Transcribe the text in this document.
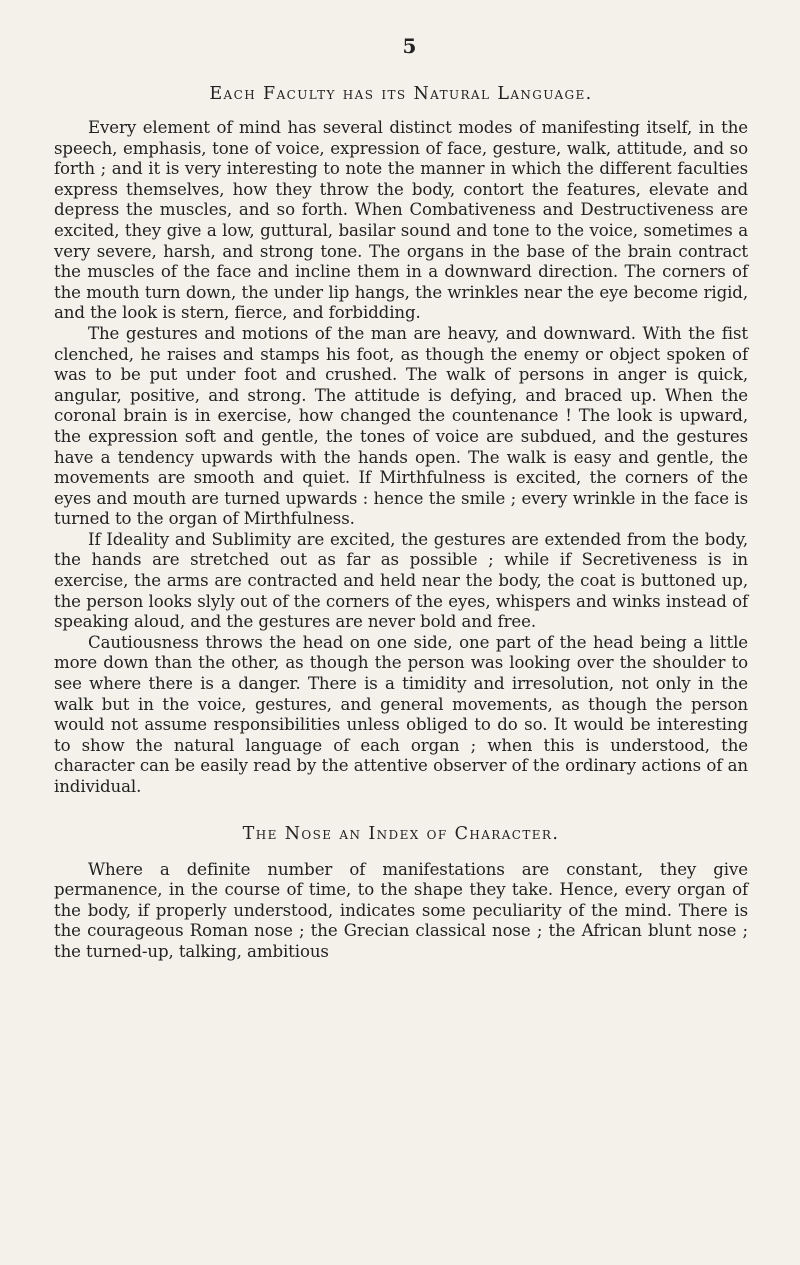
5
Each Faculty has its Natural Language.

Every element of mind has several distinct modes of manifesting itself, in the speech, emphasis, tone of voice, expression of face, gesture, walk, attitude, and so forth ; and it is very interesting to note the manner in which the different faculties express themselves, how they throw the body, contort the features, elevate and depress the muscles, and so forth. When Combativeness and Destructiveness are excited, they give a low, guttural, basilar sound and tone to the voice, sometimes a very severe, harsh, and strong tone. The organs in the base of the brain contract the muscles of the face and incline them in a downward direction. The corners of the mouth turn down, the under lip hangs, the wrinkles near the eye become rigid, and the look is stern, fierce, and forbidding.

The gestures and motions of the man are heavy, and downward. With the fist clenched, he raises and stamps his foot, as though the enemy or object spoken of was to be put under foot and crushed. The walk of persons in anger is quick, angular, positive, and strong. The attitude is defying, and braced up. When the coronal brain is in exercise, how changed the countenance ! The look is upward, the expression soft and gentle, the tones of voice are subdued, and the gestures have a tendency upwards with the hands open. The walk is easy and gentle, the movements are smooth and quiet. If Mirthfulness is excited, the corners of the eyes and mouth are turned upwards : hence the smile ; every wrinkle in the face is turned to the organ of Mirthfulness.

If Ideality and Sublimity are excited, the gestures are extended from the body, the hands are stretched out as far as possible ; while if Secretiveness is in exercise, the arms are contracted and held near the body, the coat is buttoned up, the person looks slyly out of the corners of the eyes, whispers and winks instead of speaking aloud, and the gestures are never bold and free.

Cautiousness throws the head on one side, one part of the head being a little more down than the other, as though the person was looking over the shoulder to see where there is a danger. There is a timidity and irresolution, not only in the walk but in the voice, gestures, and general movements, as though the person would not assume responsibilities unless obliged to do so. It would be interesting to show the natural language of each organ ; when this is understood, the character can be easily read by the attentive observer of the ordinary actions of an individual.

The Nose an Index of Character.

Where a definite number of manifestations are constant, they give permanence, in the course of time, to the shape they take. Hence, every organ of the body, if properly understood, indicates some peculiarity of the mind. There is the courageous Roman nose ; the Grecian classical nose ; the African blunt nose ; the turned-up, talking, ambitious
